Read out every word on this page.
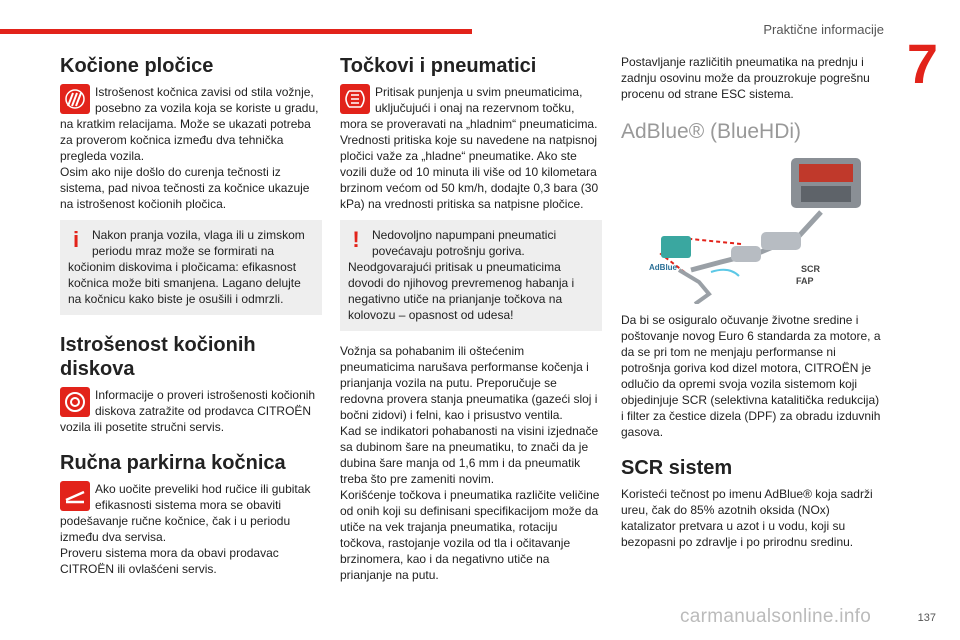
Praktične informacije
7
Kočione pločice

Istrošenost kočnica zavisi od stila vožnje, posebno za vozila koja se koriste u gradu, na kratkim relacijama. Može se ukazati potreba za proverom kočnica između dva tehnička pregleda vozila.

Osim ako nije došlo do curenja tečnosti iz sistema, pad nivoa tečnosti za kočnice ukazuje na istrošenost kočionih pločica.

i	Nakon pranja vozila, vlaga ili u zimskom periodu mraz može se formirati na kočionim diskovima i pločicama: efikasnost kočnica može biti smanjena. Lagano delujte na kočnicu kako biste je osušili i odmrzli.

Istrošenost kočionih diskova

Informacije o proveri istrošenosti kočionih diskova zatražite od prodavca CITROËN vozila ili posetite stručni servis.

Ručna parkirna kočnica

Ako uočite preveliki hod ručice ili gubitak efikasnosti sistema mora se obaviti podešavanje ručne kočnice, čak i u periodu između dva servisa.

Proveru sistema mora da obavi prodavac CITROËN ili ovlašćeni servis.

Točkovi i pneumatici

Pritisak punjenja u svim pneumaticima, uključujući i onaj na rezervnom točku, mora se proveravati na „hladnim“ pneumaticima.

Vrednosti pritiska koje su navedene na natpisnoj pločici važe za „hladne“ pneumatike. Ako ste vozili duže od 10 minuta ili više od 10 kilometara brzinom većom od 50 km/h, dodajte 0,3 bara (30 kPa) na vrednosti pritiska sa natpisne pločice.

!	Nedovoljno napumpani pneumatici povećavaju potrošnju goriva.

Neodgovarajući pritisak u pneumaticima dovodi do njihovog prevremenog habanja i negativno utiče na prianjanje točkova na kolovozu – opasnost od udesa!

Vožnja sa pohabanim ili oštećenim pneumaticima narušava performanse kočenja i prianjanja vozila na putu. Preporučuje se redovna provera stanja pneumatika (gazeći sloj i bočni zidovi) i felni, kao i prisustvo ventila.

Kad se indikatori pohabanosti na visini izjednače sa dubinom šare na pneumatiku, to znači da je dubina šare manja od 1,6 mm i da pneumatik treba što pre zameniti novim.

Korišćenje točkova i pneumatika različite veličine od onih koji su definisani specifikacijom može da utiče na vek trajanja pneumatika, rotaciju točkova, rastojanje vozila od tla i očitavanje brzinomera, kao i da negativno utiče na prianjanje na putu.

Postavljanje različitih pneumatika na prednju i zadnju osovinu može da prouzrokuje pogrešnu procenu od strane ESC sistema.

AdBlue® (BlueHDi)
SCR
FAP
AdBlue

Da bi se osiguralo očuvanje životne sredine i poštovanje novog Euro 6 standarda za motore, a da se pri tom ne menjaju performanse ni potrošnja goriva kod dizel motora, CITROËN je odlučio da opremi svoja vozila sistemom koji objedinjuje SCR (selektivna katalitička redukcija) i filter za čestice dizela (DPF) za obradu izduvnih gasova.

SCR sistem

Koristeći tečnost po imenu AdBlue® koja sadrži ureu, čak do 85% azotnih oksida (NOx) katalizator pretvara u azot i u vodu, koji su bezopasni po zdravlje i po prirodnu sredinu.

carmanualsonline.info	137
